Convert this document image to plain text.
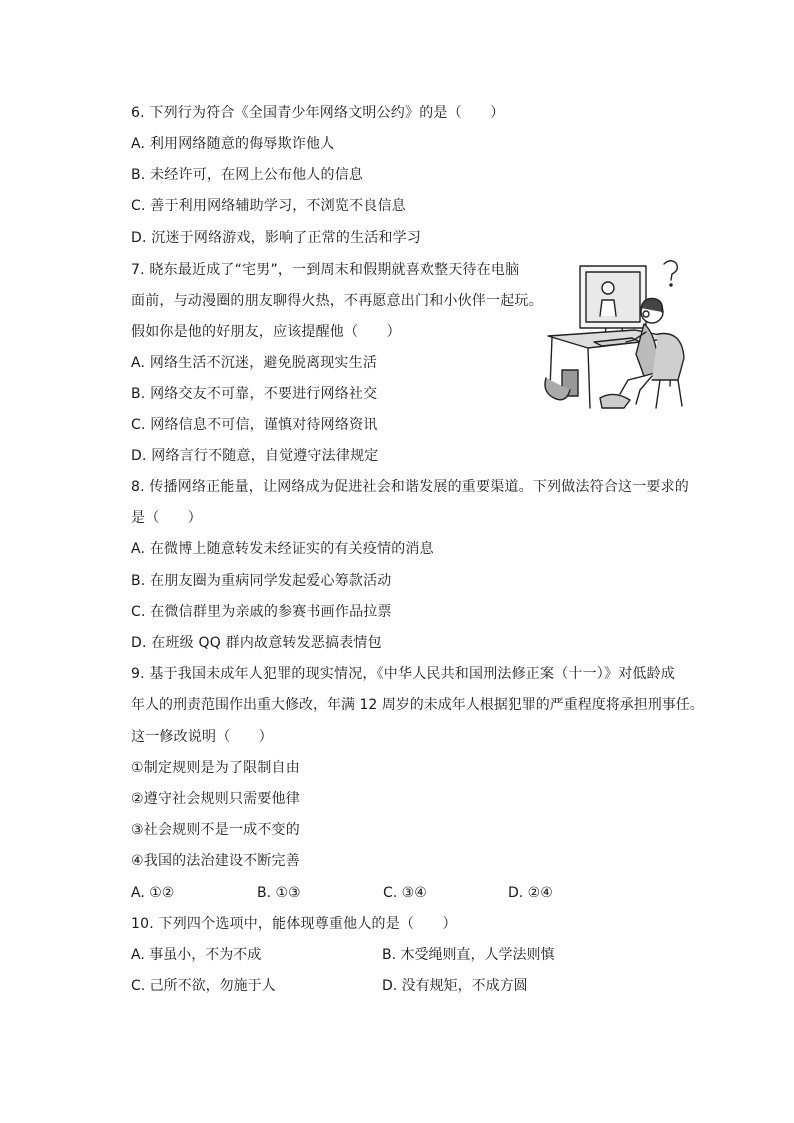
6. 下列行为符合《全国青少年网络文明公约》的是（　　）
A. 利用网络随意的侮辱欺诈他人
B. 未经许可，在网上公布他人的信息
C. 善于利用网络辅助学习，不浏览不良信息
D. 沉迷于网络游戏，影响了正常的生活和学习
7. 晓东最近成了“宅男”，一到周末和假期就喜欢整天待在电脑
面前，与动漫圈的朋友聊得火热，不再愿意出门和小伙伴一起玩。
假如你是他的好朋友，应该提醒他（　　）
A. 网络生活不沉迷，避免脱离现实生活
B. 网络交友不可靠，不要进行网络社交
C. 网络信息不可信，谨慎对待网络资讯
D. 网络言行不随意，自觉遵守法律规定
8. 传播网络正能量，让网络成为促进社会和谐发展的重要渠道。下列做法符合这一要求的
是（　　）
A. 在微博上随意转发未经证实的有关疫情的消息
B. 在朋友圈为重病同学发起爱心筹款活动
C. 在微信群里为亲戚的参赛书画作品拉票
D. 在班级 QQ 群内故意转发恶搞表情包
9. 基于我国未成年人犯罪的现实情况，《中华人民共和国刑法修正案（十一）》对低龄成
年人的刑责范围作出重大修改，年满 12 周岁的未成年人根据犯罪的严重程度将承担刑事任。
这一修改说明（　　）
①制定规则是为了限制自由
②遵守社会规则只需要他律
③社会规则不是一成不变的
④我国的法治建设不断完善
A. ①②	B. ①③	C. ③④	D. ②④
10. 下列四个选项中，能体现尊重他人的是（　　）
A. 事虽小，不为不成	B. 木受绳则直，人学法则慎
C. 己所不欲，勿施于人	D. 没有规矩，不成方圆
